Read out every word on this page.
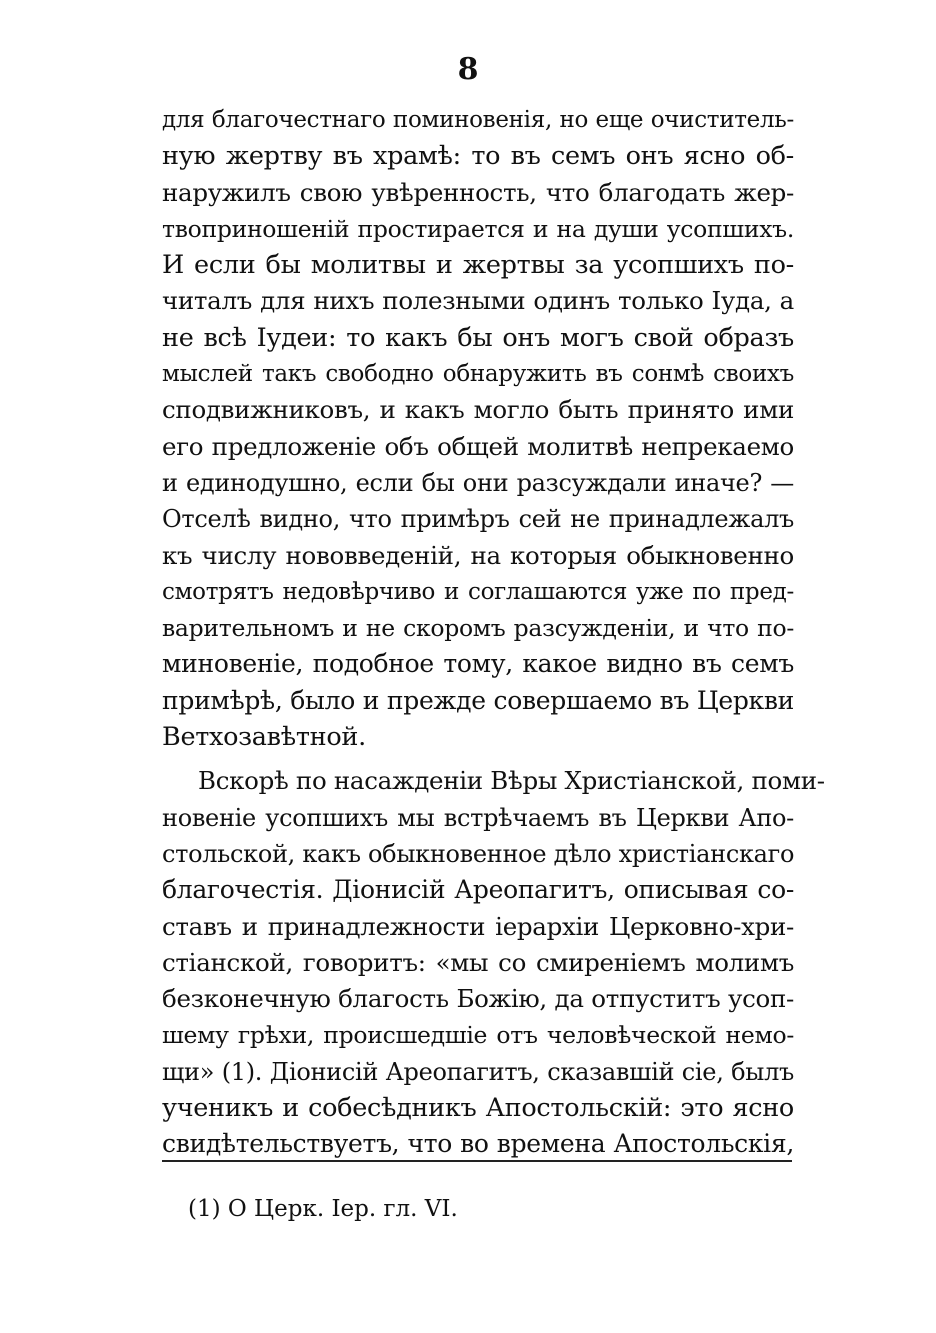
8
для благочестнаго поминовенія, но еще очиститель-
ную жертву въ храмѣ: то въ семъ онъ ясно об-
наружилъ свою увѣренность, что благодать жер-
твоприношеній простирается и на души усопшихъ.
И если бы молитвы и жертвы за усопшихъ по-
читалъ для нихъ полезными одинъ только Іуда, а
не всѣ Іудеи: то какъ бы онъ могъ свой образъ
мыслей такъ свободно обнаружить въ сонмѣ своихъ
сподвижниковъ, и какъ могло быть принято ими
его предложеніе объ общей молитвѣ непрекаемо
и единодушно, если бы они разсуждали иначе? —
Отселѣ видно, что примѣръ сей не принадлежалъ
къ числу нововведеній, на которыя обыкновенно
смотрятъ недовѣрчиво и соглашаются уже по пред-
варительномъ и не скоромъ разсужденіи, и что по-
миновеніе, подобное тому, какое видно въ семъ
примѣрѣ, было и прежде совершаемо въ Церкви
Ветхозавѣтной.
Вскорѣ по насажденіи Вѣры Христіанской, поми-
новеніе усопшихъ мы встрѣчаемъ въ Церкви Апо-
стольской, какъ обыкновенное дѣло христіанскаго
благочестія. Діонисій Ареопагитъ, описывая со-
ставъ и принадлежности іерархіи Церковно-хри-
стіанской, говоритъ: «мы со смиреніемъ молимъ
безконечную благость Божію, да отпуститъ усоп-
шему грѣхи, происшедшіе отъ человѣческой немо-
щи» (1). Діонисій Ареопагитъ, сказавшій сіе, былъ
ученикъ и собесѣдникъ Апостольскій: это ясно
свидѣтельствуетъ, что во времена Апостольскія,
(1) О Церк. Іер. гл. VI.
